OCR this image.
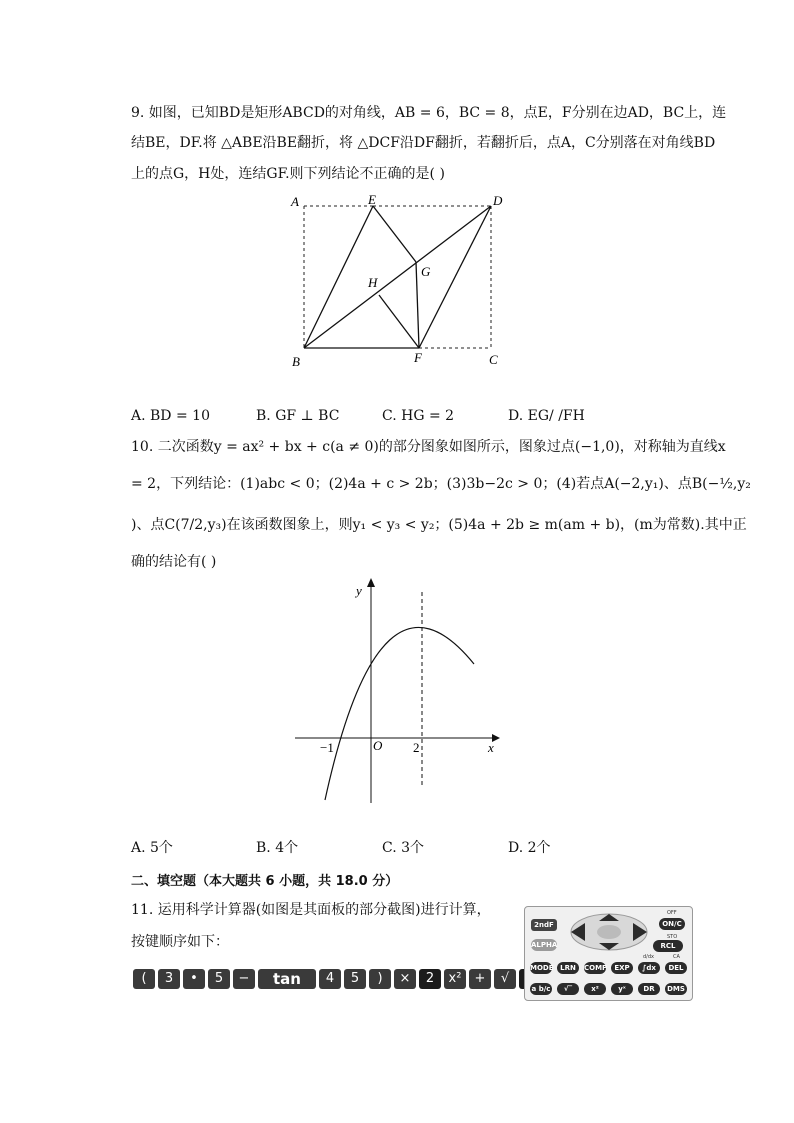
9. 如图，已知BD是矩形ABCD的对角线，AB = 6，BC = 8，点E，F分别在边AD，BC上，连
结BE，DF.将 △ABE沿BE翻折，将 △DCF沿DF翻折，若翻折后，点A，C分别落在对角线BD
上的点G，H处，连结GF.则下列结论不正确的是( )
A	E	D
H
G
B	F	C
A. BD = 10	B. GF ⊥ BC	C. HG = 2	D. EG/ /FH
10. 二次函数y = ax² + bx + c(a ≠ 0)的部分图象如图所示，图象过点(−1,0)，对称轴为直线x
= 2，下列结论：(1)abc < 0；(2)4a + c > 2b；(3)3b−2c > 0；(4)若点A(−2,y₁)、点B(−½,y₂
)、点C(7/2,y₃)在该函数图象上，则y₁ < y₃ < y₂；(5)4a + 2b ≥ m(am + b)，(m为常数).其中正
确的结论有( )
y
x
O
−1	2
A. 5个	B. 4个	C. 3个	D. 2个
二、填空题（本大题共 6 小题，共 18.0 分）
11. 运用科学计算器(如图是其面板的部分截图)进行计算，
按键顺序如下：
( 3 • 5 − tan 4 5 ) × 2 x² + √
2ndF
OFF
ON/C
ALPHA
STO
RCL
d/dx	CA
MODE LRN	COMP	EXP	∫dx	DEL
a b/c	√‾	x²	yˣ	DR	DMS
